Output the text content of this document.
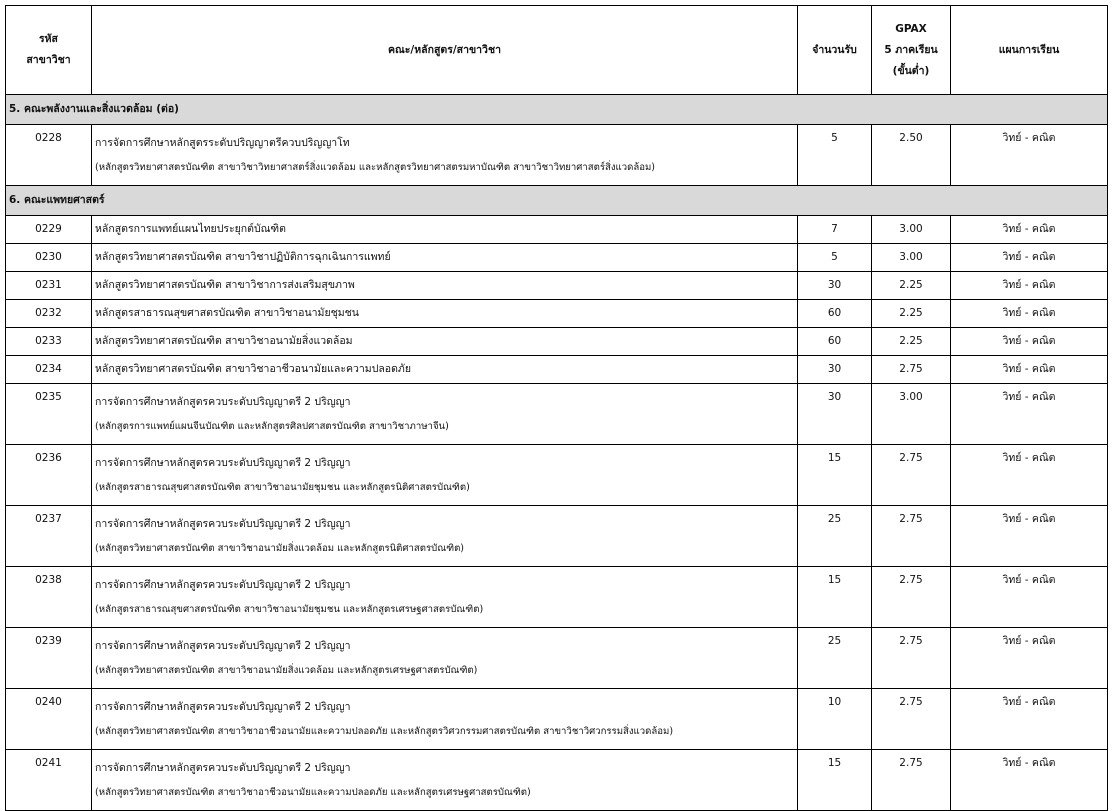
รหัส
สาขาวิชา	คณะ/หลักสูตร/สาขาวิชา	จำนวนรับ	GPAX
5 ภาคเรียน
(ขั้นต่ำ)	แผนการเรียน
5. คณะพลังงานและสิ่งแวดล้อม (ต่อ)				
0228	การจัดการศึกษาหลักสูตรระดับปริญญาตรีควบปริญญาโท
(หลักสูตรวิทยาศาสตรบัณฑิต สาขาวิชาวิทยาศาสตร์สิ่งแวดล้อม และหลักสูตรวิทยาศาสตรมหาบัณฑิต สาขาวิชาวิทยาศาสตร์สิ่งแวดล้อม)	5	2.50	วิทย์ - คณิต
6. คณะแพทยศาสตร์				
0229	หลักสูตรการแพทย์แผนไทยประยุกต์บัณฑิต	7	3.00	วิทย์ - คณิต
0230	หลักสูตรวิทยาศาสตรบัณฑิต สาขาวิชาปฏิบัติการฉุกเฉินการแพทย์	5	3.00	วิทย์ - คณิต
0231	หลักสูตรวิทยาศาสตรบัณฑิต สาขาวิชาการส่งเสริมสุขภาพ	30	2.25	วิทย์ - คณิต
0232	หลักสูตรสาธารณสุขศาสตรบัณฑิต สาขาวิชาอนามัยชุมชน	60	2.25	วิทย์ - คณิต
0233	หลักสูตรวิทยาศาสตรบัณฑิต สาขาวิชาอนามัยสิ่งแวดล้อม	60	2.25	วิทย์ - คณิต
0234	หลักสูตรวิทยาศาสตรบัณฑิต สาขาวิชาอาชีวอนามัยและความปลอดภัย	30	2.75	วิทย์ - คณิต
0235	การจัดการศึกษาหลักสูตรควบระดับปริญญาตรี 2 ปริญญา
(หลักสูตรการแพทย์แผนจีนบัณฑิต และหลักสูตรศิลปศาสตรบัณฑิต สาขาวิชาภาษาจีน)	30	3.00	วิทย์ - คณิต
0236	การจัดการศึกษาหลักสูตรควบระดับปริญญาตรี 2 ปริญญา
(หลักสูตรสาธารณสุขศาสตรบัณฑิต สาขาวิชาอนามัยชุมชน และหลักสูตรนิติศาสตรบัณฑิต)	15	2.75	วิทย์ - คณิต
0237	การจัดการศึกษาหลักสูตรควบระดับปริญญาตรี 2 ปริญญา
(หลักสูตรวิทยาศาสตรบัณฑิต สาขาวิชาอนามัยสิ่งแวดล้อม และหลักสูตรนิติศาสตรบัณฑิต)	25	2.75	วิทย์ - คณิต
0238	การจัดการศึกษาหลักสูตรควบระดับปริญญาตรี 2 ปริญญา
(หลักสูตรสาธารณสุขศาสตรบัณฑิต สาขาวิชาอนามัยชุมชน และหลักสูตรเศรษฐศาสตรบัณฑิต)	15	2.75	วิทย์ - คณิต
0239	การจัดการศึกษาหลักสูตรควบระดับปริญญาตรี 2 ปริญญา
(หลักสูตรวิทยาศาสตรบัณฑิต สาขาวิชาอนามัยสิ่งแวดล้อม และหลักสูตรเศรษฐศาสตรบัณฑิต)	25	2.75	วิทย์ - คณิต
0240	การจัดการศึกษาหลักสูตรควบระดับปริญญาตรี 2 ปริญญา
(หลักสูตรวิทยาศาสตรบัณฑิต สาขาวิชาอาชีวอนามัยและความปลอดภัย และหลักสูตรวิศวกรรมศาสตรบัณฑิต สาขาวิชาวิศวกรรมสิ่งแวดล้อม)	10	2.75	วิทย์ - คณิต
0241	การจัดการศึกษาหลักสูตรควบระดับปริญญาตรี 2 ปริญญา
(หลักสูตรวิทยาศาสตรบัณฑิต สาขาวิชาอาชีวอนามัยและความปลอดภัย และหลักสูตรเศรษฐศาสตรบัณฑิต)	15	2.75	วิทย์ - คณิต
